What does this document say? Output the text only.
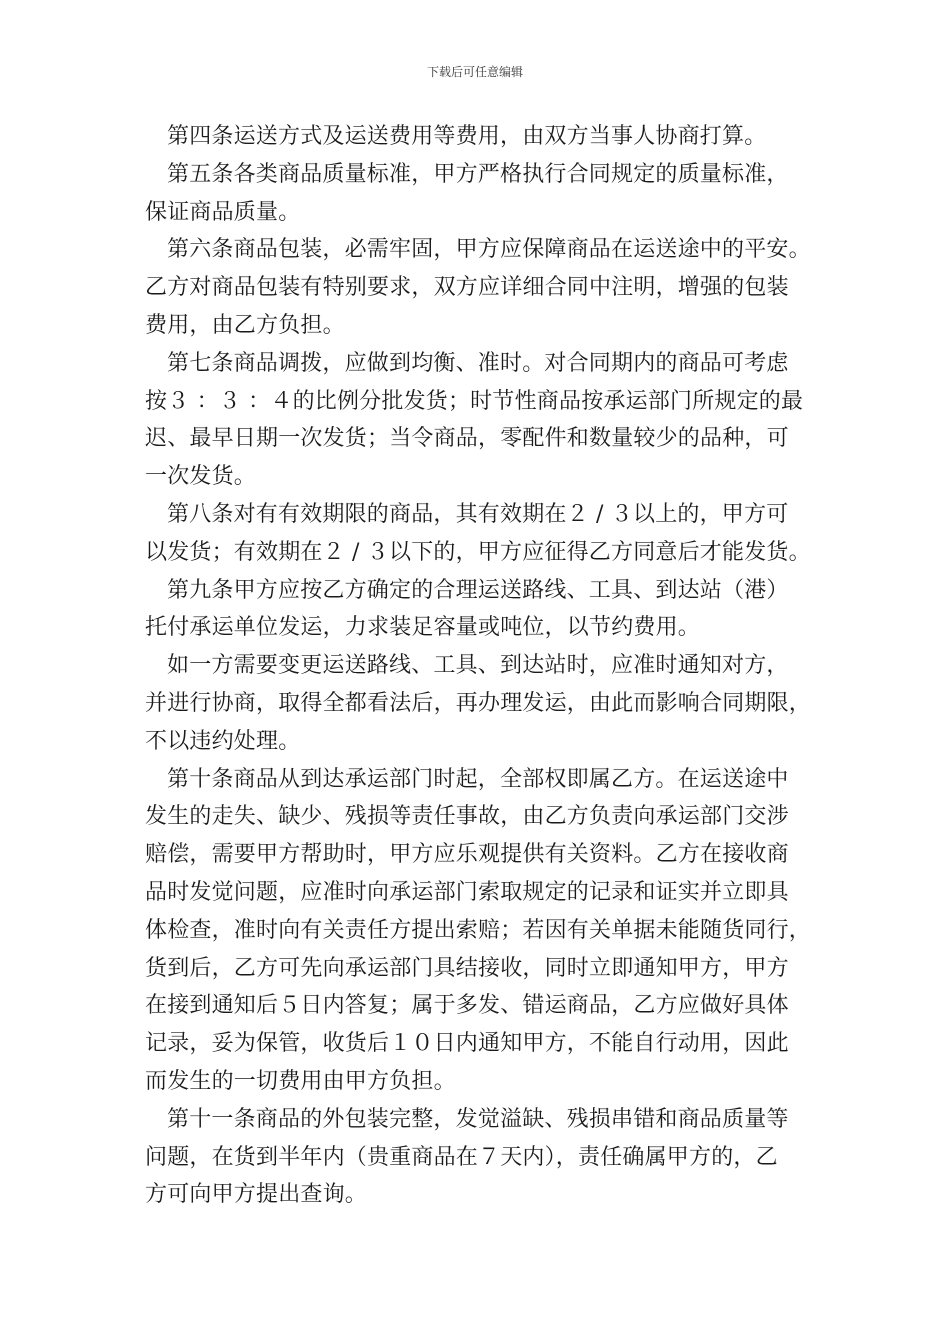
下载后可任意编辑
第四条运送方式及运送费用等费用，由双方当事人协商打算。
第五条各类商品质量标准，甲方严格执行合同规定的质量标准，
保证商品质量。
第六条商品包装，必需牢固，甲方应保障商品在运送途中的平安。
乙方对商品包装有特别要求，双方应详细合同中注明，增强的包装
费用，由乙方负担。
第七条商品调拨，应做到均衡、准时。对合同期内的商品可考虑
按３ ：３ ：４的比例分批发货；时节性商品按承运部门所规定的最
迟、最早日期一次发货；当令商品，零配件和数量较少的品种，可
一次发货。
第八条对有有效期限的商品，其有效期在２ / ３以上的，甲方可
以发货；有效期在２ / ３以下的，甲方应征得乙方同意后才能发货。
第九条甲方应按乙方确定的合理运送路线、工具、到达站（港）
托付承运单位发运，力求装足容量或吨位，以节约费用。
如一方需要变更运送路线、工具、到达站时，应准时通知对方，
并进行协商，取得全都看法后，再办理发运，由此而影响合同期限，
不以违约处理。
第十条商品从到达承运部门时起，全部权即属乙方。在运送途中
发生的走失、缺少、残损等责任事故，由乙方负责向承运部门交涉
赔偿，需要甲方帮助时，甲方应乐观提供有关资料。乙方在接收商
品时发觉问题，应准时向承运部门索取规定的记录和证实并立即具
体检查，准时向有关责任方提出索赔；若因有关单据未能随货同行，
货到后，乙方可先向承运部门具结接收，同时立即通知甲方，甲方
在接到通知后５日内答复；属于多发、错运商品，乙方应做好具体
记录，妥为保管，收货后１０日内通知甲方，不能自行动用，因此
而发生的一切费用由甲方负担。
第十一条商品的外包装完整，发觉溢缺、残损串错和商品质量等
问题，在货到半年内（贵重商品在７天内），责任确属甲方的，乙
方可向甲方提出查询。
